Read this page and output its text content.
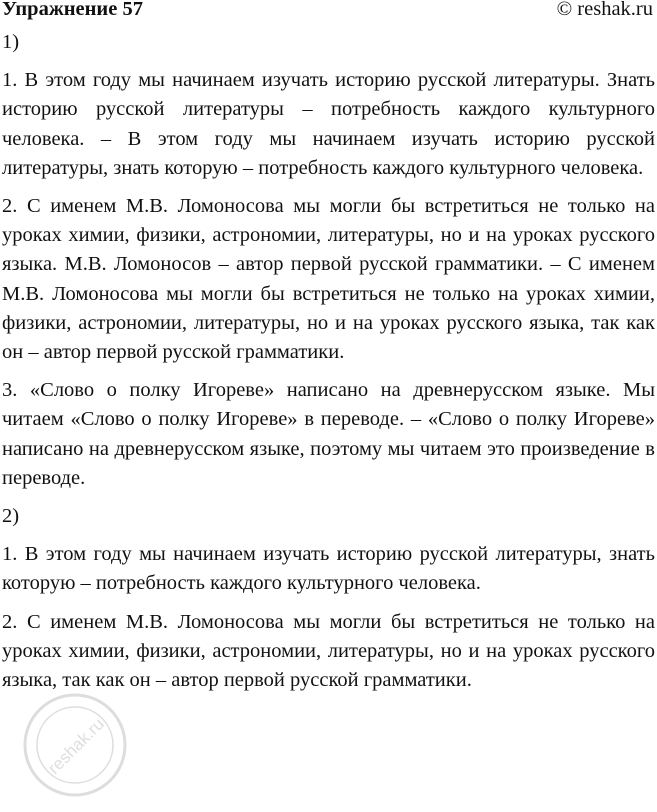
Упражнение 57	© reshak.ru
1)

1. В этом году мы начинаем изучать историю русской литературы. Знать историю русской литературы – потребность каждого культурного человека. – В этом году мы начинаем изучать историю русской литературы, знать которую – потребность каждого культурного человека.

2. С именем М.В. Ломоносова мы могли бы встретиться не только на уроках химии, физики, астрономии, литературы, но и на уроках русского языка. М.В. Ломоносов – автор первой русской грамматики. – С именем М.В. Ломоносова мы могли бы встретиться не только на уроках химии, физики, астрономии, литературы, но и на уроках русского языка, так как он – автор первой русской грамматики.

3. «Слово о полку Игореве» написано на древнерусском языке. Мы читаем «Слово о полку Игореве» в переводе. – «Слово о полку Игореве» написано на древнерусском языке, поэтому мы читаем это произведение в переводе.

2)

1. В этом году мы начинаем изучать историю русской литературы, знать которую – потребность каждого культурного человека.

2. С именем М.В. Ломоносова мы могли бы встретиться не только на уроках химии, физики, астрономии, литературы, но и на уроках русского языка, так как он – автор первой русской грамматики.

reshak.ru
